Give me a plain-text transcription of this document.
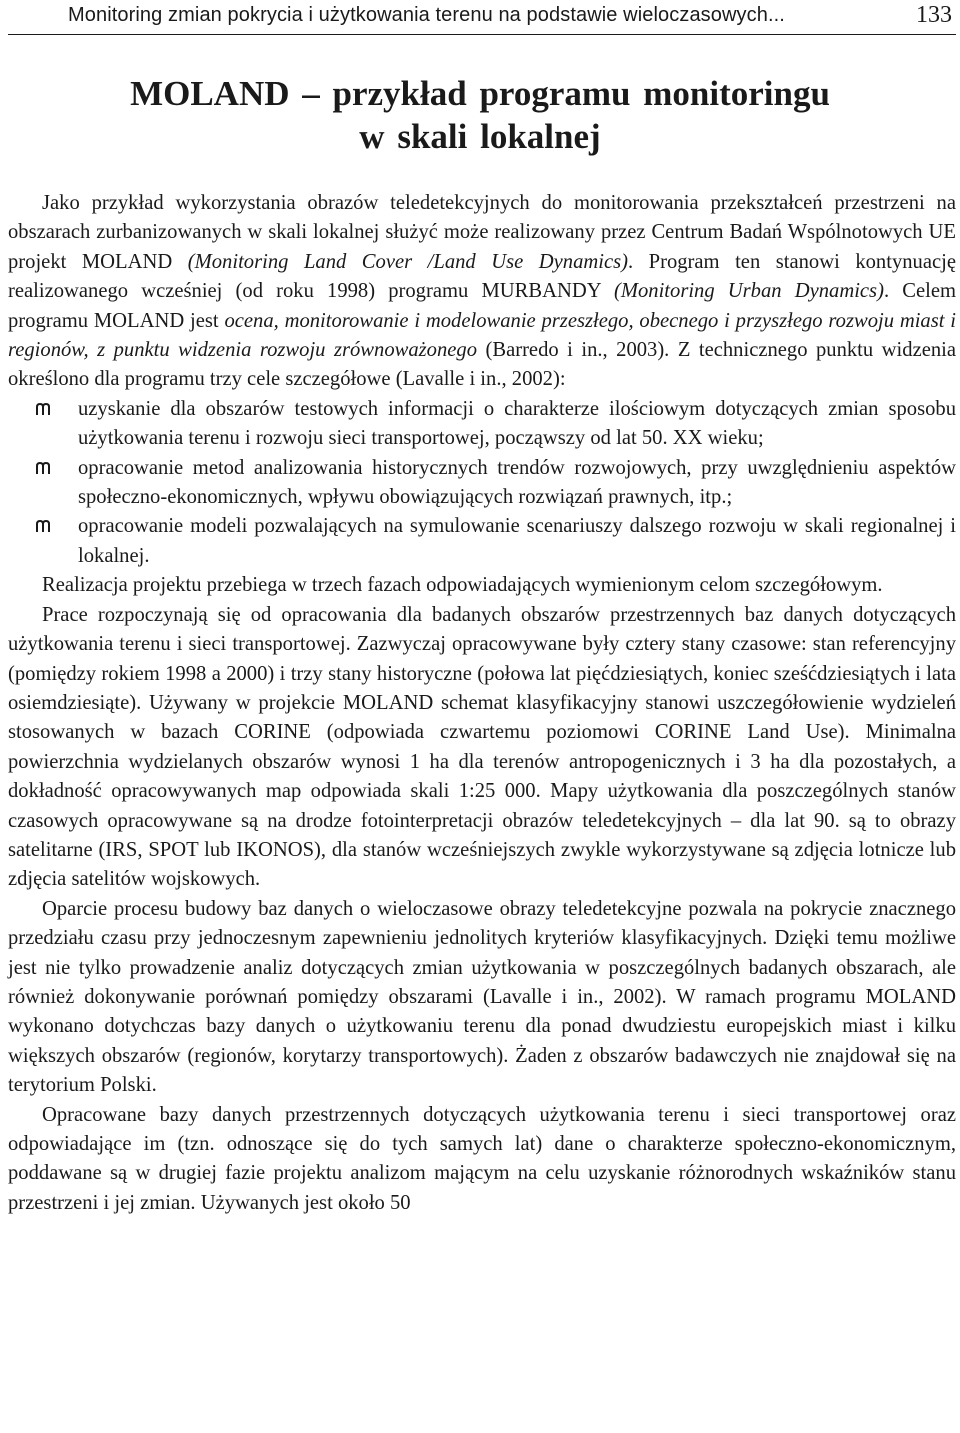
Monitoring zmian pokrycia i użytkowania terenu na podstawie wieloczasowych...	133
MOLAND – przykład programu monitoringu
w skali lokalnej

Jako przykład wykorzystania obrazów teledetekcyjnych do monitorowania przekształceń przestrzeni na obszarach zurbanizowanych w skali lokalnej służyć może realizowany przez Centrum Badań Wspólnotowych UE projekt MOLAND (Monitoring Land Cover /Land Use Dynamics). Program ten stanowi kontynuację realizowanego wcześniej (od roku 1998) programu MURBANDY (Monitoring Urban Dynamics). Celem programu MOLAND jest ocena, monitorowanie i modelowanie przeszłego, obecnego i przyszłego rozwoju miast i regionów, z punktu widzenia rozwoju zrównoważonego (Barredo i in., 2003). Z technicznego punktu widzenia określono dla programu trzy cele szczegółowe (Lavalle i in., 2002):

uzyskanie dla obszarów testowych informacji o charakterze ilościowym dotyczących zmian sposobu użytkowania terenu i rozwoju sieci transportowej, począwszy od lat 50. XX wieku;
opracowanie metod analizowania historycznych trendów rozwojowych, przy uwzględnieniu aspektów społeczno-ekonomicznych, wpływu obowiązujących rozwiązań prawnych, itp.;
opracowanie modeli pozwalających na symulowanie scenariuszy dalszego rozwoju w skali regionalnej i lokalnej.

Realizacja projektu przebiega w trzech fazach odpowiadających wymienionym celom szczegółowym.

Prace rozpoczynają się od opracowania dla badanych obszarów przestrzennych baz danych dotyczących użytkowania terenu i sieci transportowej. Zazwyczaj opracowywane były cztery stany czasowe: stan referencyjny (pomiędzy rokiem 1998 a 2000) i trzy stany historyczne (połowa lat pięćdziesiątych, koniec sześćdziesiątych i lata osiemdziesiąte). Używany w projekcie MOLAND schemat klasyfikacyjny stanowi uszczegółowienie wydzieleń stosowanych w bazach CORINE (odpowiada czwartemu poziomowi CORINE Land Use). Minimalna powierzchnia wydzielanych obszarów wynosi 1 ha dla terenów antropogenicznych i 3 ha dla pozostałych, a dokładność opracowywanych map odpowiada skali 1:25 000. Mapy użytkowania dla poszczególnych stanów czasowych opracowywane są na drodze fotointerpretacji obrazów teledetekcyjnych – dla lat 90. są to obrazy satelitarne (IRS, SPOT lub IKONOS), dla stanów wcześniejszych zwykle wykorzystywane są zdjęcia lotnicze lub zdjęcia satelitów wojskowych.

Oparcie procesu budowy baz danych o wieloczasowe obrazy teledetekcyjne pozwala na pokrycie znacznego przedziału czasu przy jednoczesnym zapewnieniu jednolitych kryteriów klasyfikacyjnych. Dzięki temu możliwe jest nie tylko prowadzenie analiz dotyczących zmian użytkowania w poszczególnych badanych obszarach, ale również dokonywanie porównań pomiędzy obszarami (Lavalle i in., 2002). W ramach programu MOLAND wykonano dotychczas bazy danych o użytkowaniu terenu dla ponad dwudziestu europejskich miast i kilku większych obszarów (regionów, korytarzy transportowych). Żaden z obszarów badawczych nie znajdował się na terytorium Polski.

Opracowane bazy danych przestrzennych dotyczących użytkowania terenu i sieci transportowej oraz odpowiadające im (tzn. odnoszące się do tych samych lat) dane o charakterze społeczno-ekonomicznym, poddawane są w drugiej fazie projektu analizom mającym na celu uzyskanie różnorodnych wskaźników stanu przestrzeni i jej zmian. Używanych jest około 50
